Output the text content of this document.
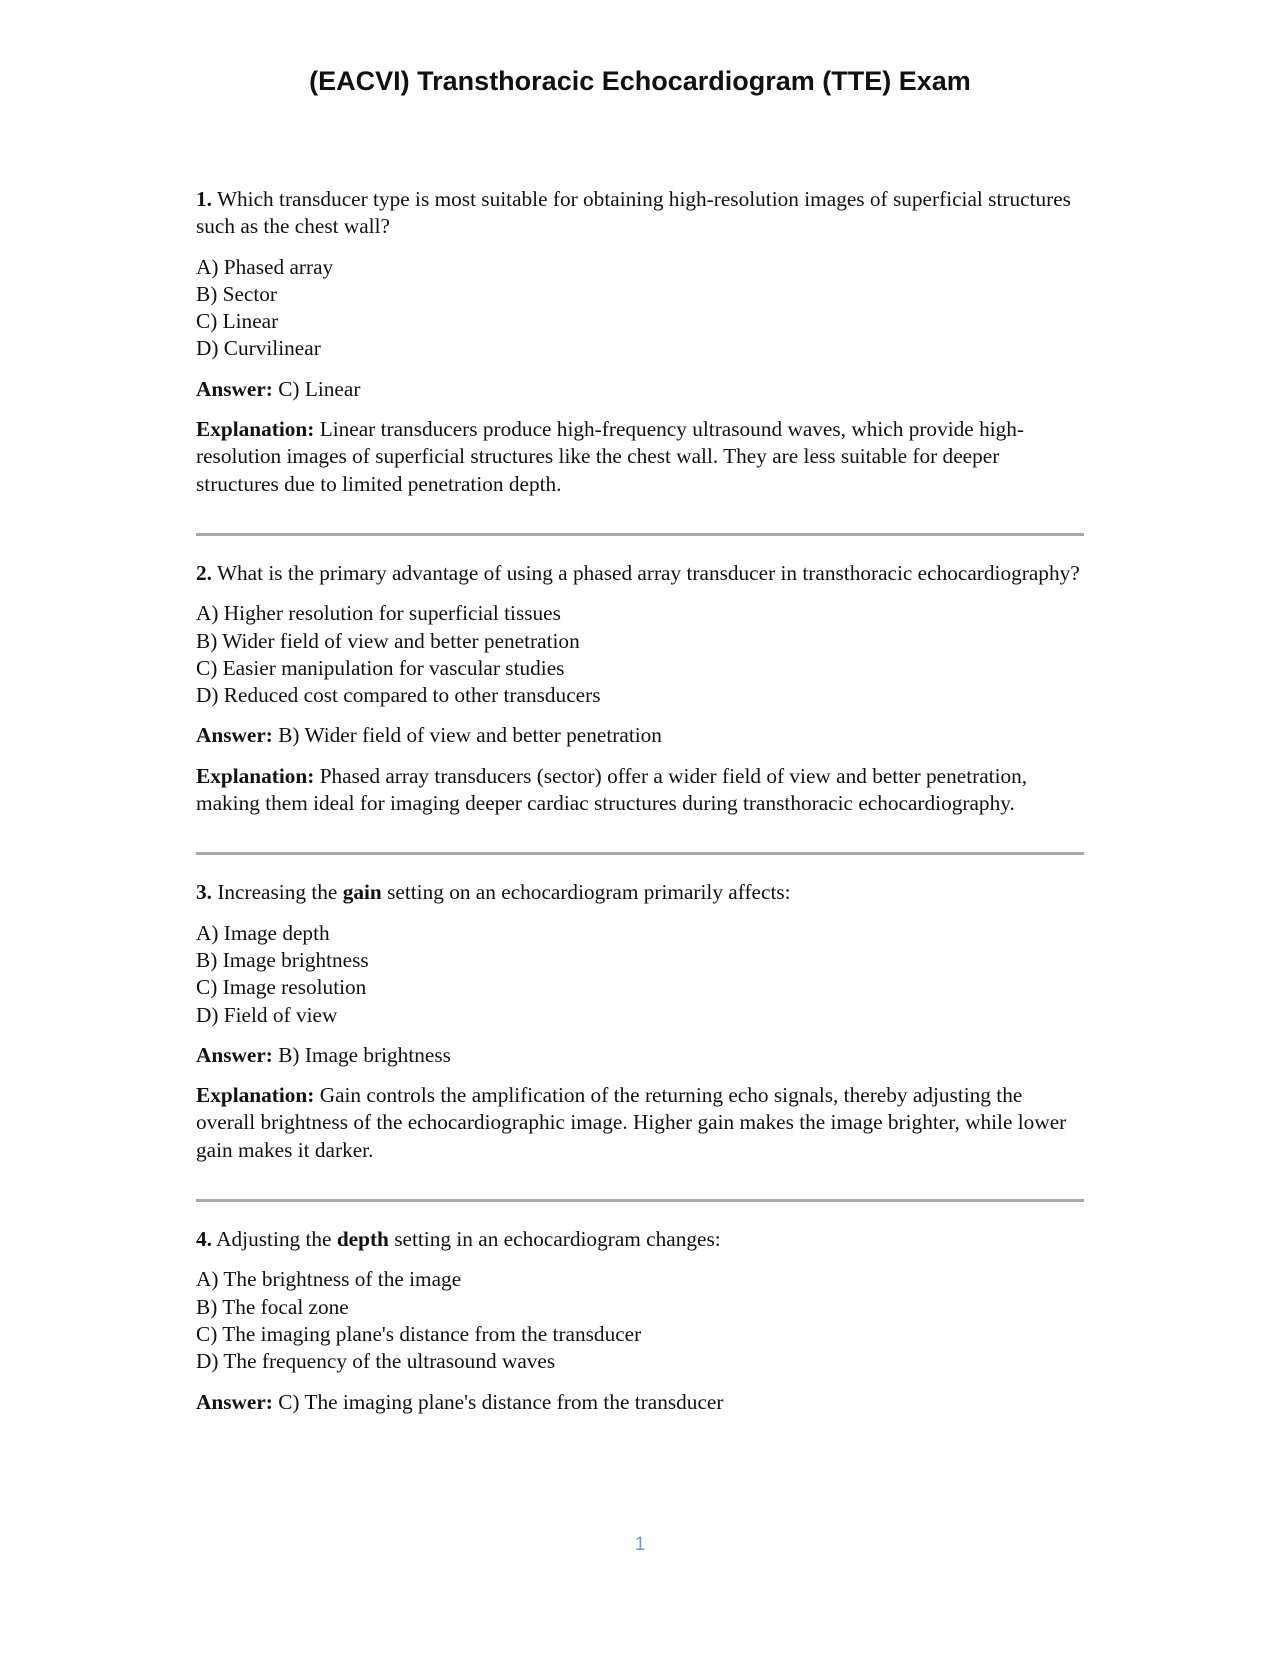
(EACVI) Transthoracic Echocardiogram (TTE) Exam

1. Which transducer type is most suitable for obtaining high-resolution images of superficial structures such as the chest wall?

A) Phased array
B) Sector
C) Linear
D) Curvilinear

Answer: C) Linear

Explanation: Linear transducers produce high-frequency ultrasound waves, which provide high-resolution images of superficial structures like the chest wall. They are less suitable for deeper structures due to limited penetration depth.

2. What is the primary advantage of using a phased array transducer in transthoracic echocardiography?

A) Higher resolution for superficial tissues
B) Wider field of view and better penetration
C) Easier manipulation for vascular studies
D) Reduced cost compared to other transducers

Answer: B) Wider field of view and better penetration

Explanation: Phased array transducers (sector) offer a wider field of view and better penetration, making them ideal for imaging deeper cardiac structures during transthoracic echocardiography.

3. Increasing the gain setting on an echocardiogram primarily affects:

A) Image depth
B) Image brightness
C) Image resolution
D) Field of view

Answer: B) Image brightness

Explanation: Gain controls the amplification of the returning echo signals, thereby adjusting the overall brightness of the echocardiographic image. Higher gain makes the image brighter, while lower gain makes it darker.

4. Adjusting the depth setting in an echocardiogram changes:

A) The brightness of the image
B) The focal zone
C) The imaging plane's distance from the transducer
D) The frequency of the ultrasound waves

Answer: C) The imaging plane's distance from the transducer

1
